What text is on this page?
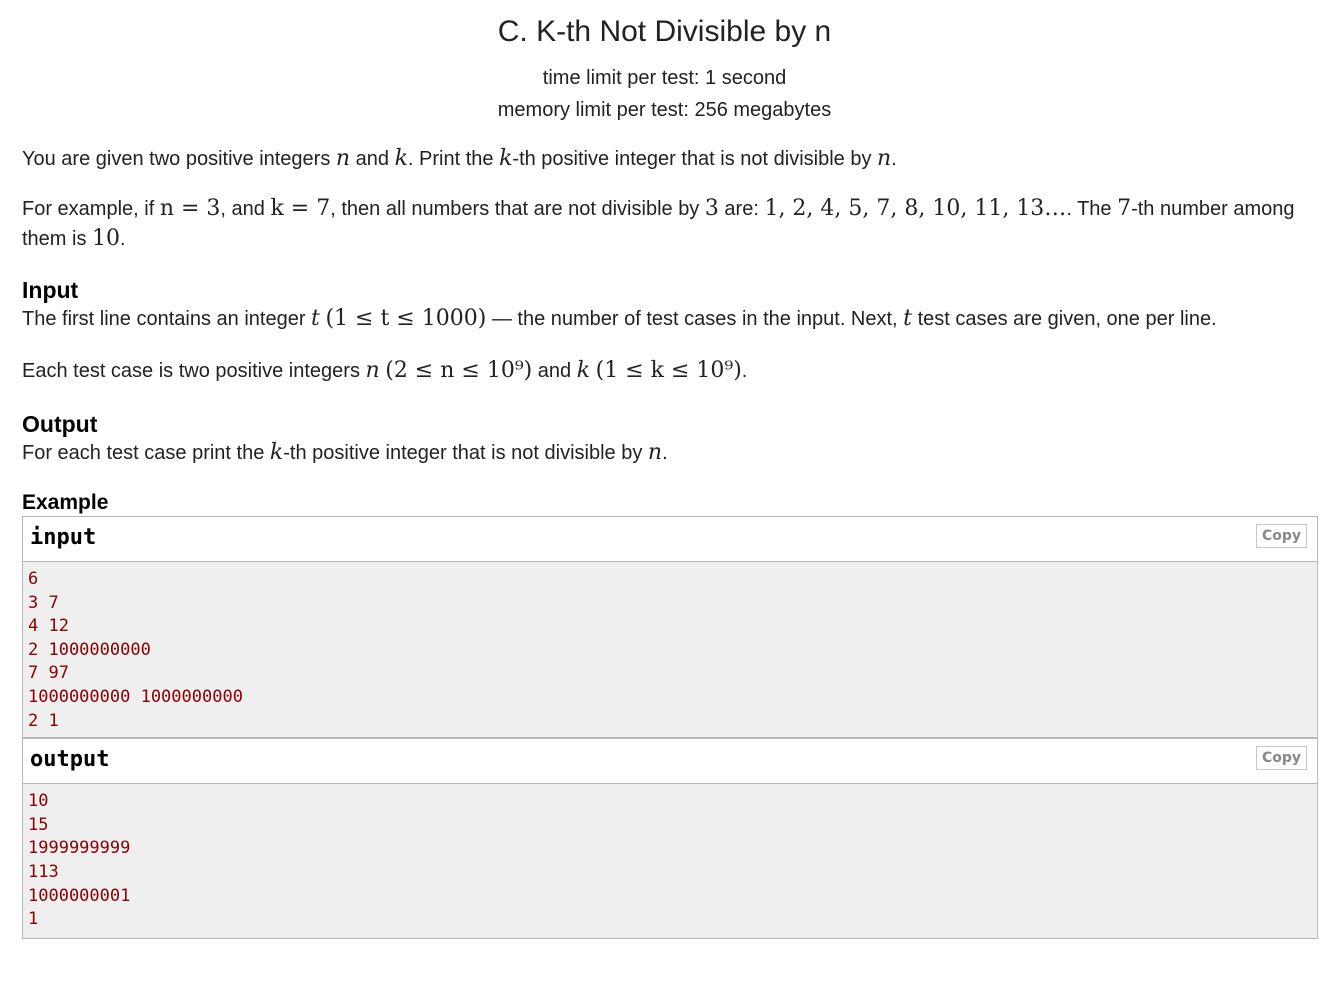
C. K-th Not Divisible by n
time limit per test: 1 second
memory limit per test: 256 megabytes

You are given two positive integers n and k. Print the k-th positive integer that is not divisible by n.

For example, if n = 3, and k = 7, then all numbers that are not divisible by 3 are: 1, 2, 4, 5, 7, 8, 10, 11, 13…. The 7-th number among them is 10.

Input

The first line contains an integer t (1 ≤ t ≤ 1000) — the number of test cases in the input. Next, t test cases are given, one per line.

Each test case is two positive integers n (2 ≤ n ≤ 10⁹) and k (1 ≤ k ≤ 10⁹).

Output

For each test case print the k-th positive integer that is not divisible by n.

Example
input	Copy
6
3 7
4 12
2 1000000000
7 97
1000000000 1000000000
2 1
output	Copy
10
15
1999999999
113
1000000001
1
